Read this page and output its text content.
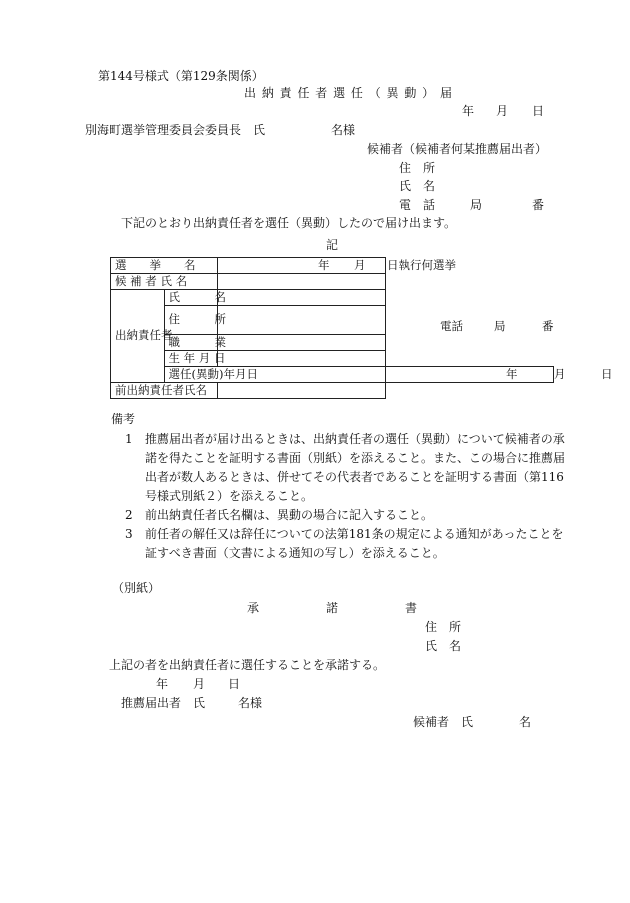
第144号様式（第129条関係）
出 納 責 任 者 選 任 （ 異 動 ） 届
年 月 日
別海町選挙管理委員会委員長　氏	名様
候補者（候補者何某推薦届出者）
住　所
氏　名
電　話	局	番
下記のとおり出納責任者を選任（異動）したので届け出ます。
記
選　　挙　　名		年 月 日執行何選挙	

候 補 者 氏 名			
出納責任者	氏　　　名		
	住　　　所	電話 局 番	

	職　　　業		
	生 年 月 日		
	選任(異動)年月日		年 月 日

前出納責任者氏名			
備考
1	推薦届出者が届け出るときは、出納責任者の選任（異動）について候補者の承諾を得たことを証明する書面（別紙）を添えること。また、この場合に推薦届出者が数人あるときは、併せてその代表者であることを証明する書面（第116号様式別紙２）を添えること。
2	前出納責任者氏名欄は、異動の場合に記入すること。
3	前任者の解任又は辞任についての法第181条の規定による通知があったことを証すべき書面（文書による通知の写し）を添えること。
（別紙）
承	諾	書
住　所
氏　名
上記の者を出納責任者に選任することを承諾する。
年 月 日
推薦届出者　氏	名様
候補者　氏	名
